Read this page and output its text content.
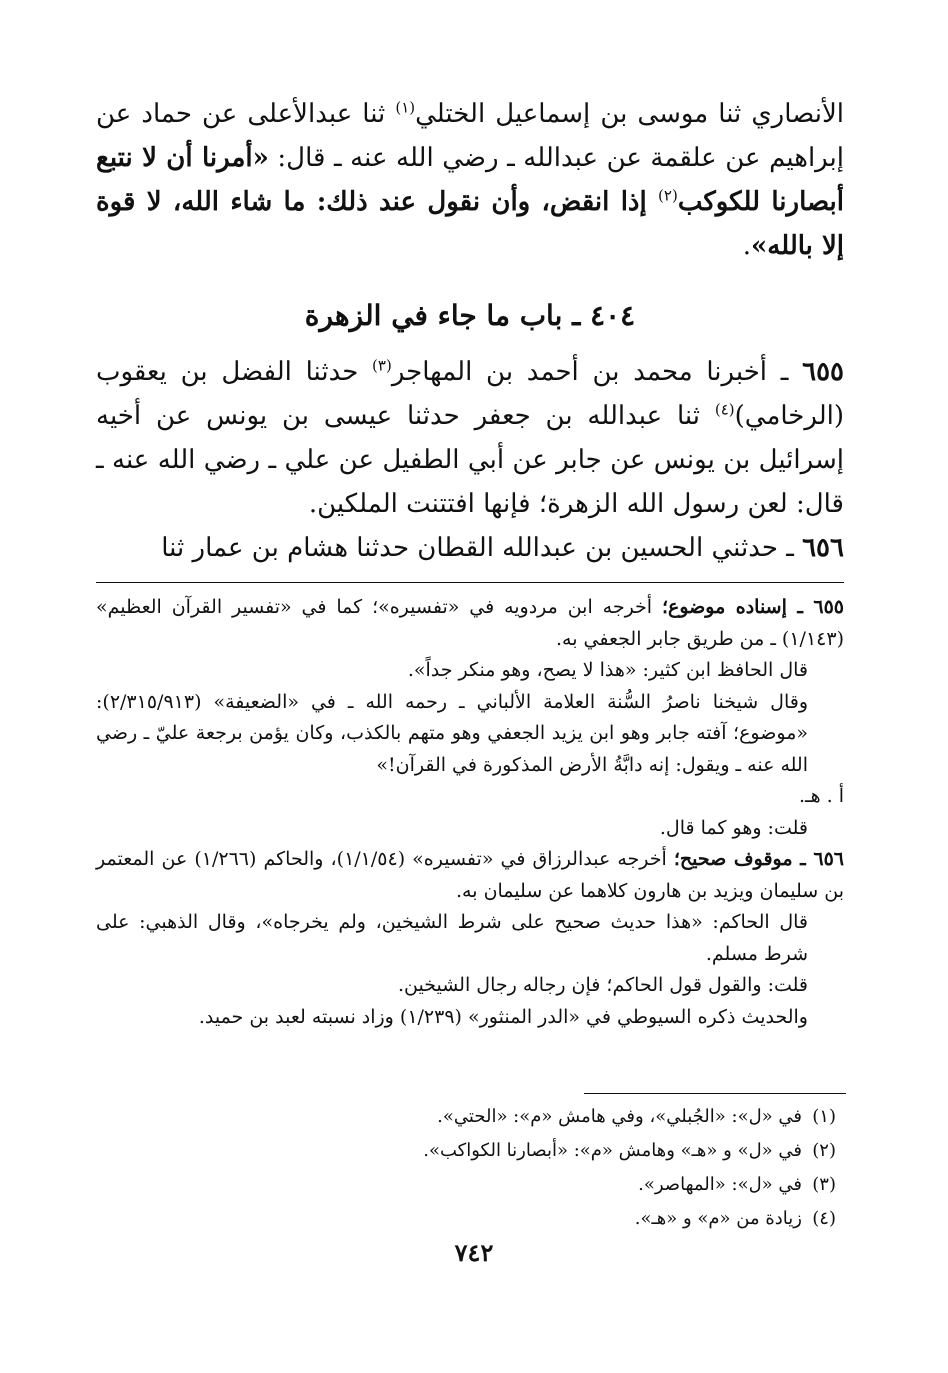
الأنصاري ثنا موسى بن إسماعيل الختلي$^{(١)}$ ثنا عبدالأعلى عن حماد عن إبراهيم عن علقمة عن عبدالله ـ رضي الله عنه ـ قال: «أمرنا أن لا نتبع أبصارنا للكوكب$^{(٢)}$ إذا انقض، وأن نقول عند ذلك: ما شاء الله، لا قوة إلا بالله».

٤٠٤ ـ باب ما جاء في الزهرة

٦٥٥ ـ أخبرنا محمد بن أحمد بن المهاجر$^{(٣)}$ حدثنا الفضل بن يعقوب (الرخامي)$^{(٤)}$ ثنا عبدالله بن جعفر حدثنا عيسى بن يونس عن أخيه إسرائيل بن يونس عن جابر عن أبي الطفيل عن علي ـ رضي الله عنه ـ قال: لعن رسول الله الزهرة؛ فإنها افتتنت الملكين.

٦٥٦ ـ حدثني الحسين بن عبدالله القطان حدثنا هشام بن عمار ثنا

٦٥٥ ـ إسناده موضوع؛ أخرجه ابن مردويه في «تفسيره»؛ كما في «تفسير القرآن العظيم» (١/١٤٣) ـ من طريق جابر الجعفي به.

قال الحافظ ابن كثير: «هذا لا يصح، وهو منكر جداً».

وقال شيخنا ناصرُ السُّنة العلامة الألباني ـ رحمه الله ـ في «الضعيفة» (٢/٣١٥/٩١٣): «موضوع؛ آفته جابر وهو ابن يزيد الجعفي وهو متهم بالكذب، وكان يؤمن برجعة عليّ ـ رضي الله عنه ـ ويقول: إنه دابَّةُ الأرض المذكورة في القرآن!»

أ . هـ.

قلت: وهو كما قال.

٦٥٦ ـ موقوف صحيح؛ أخرجه عبدالرزاق في «تفسيره» (١/١/٥٤)، والحاكم (١/٢٦٦) عن المعتمر بن سليمان ويزيد بن هارون كلاهما عن سليمان به.

قال الحاكم: «هذا حديث صحيح على شرط الشيخين، ولم يخرجاه»، وقال الذهبي: على شرط مسلم.

قلت: والقول قول الحاكم؛ فإن رجاله رجال الشيخين.

والحديث ذكره السيوطي في «الدر المنثور» (١/٢٣٩) وزاد نسبته لعبد بن حميد.

(١)في «ل»: «الجُبلي»، وفي هامش «م»: «الحتي».

(٢)في «ل» و «هـ» وهامش «م»: «أبصارنا الكواكب».

(٣)في «ل»: «المهاصر».

(٤)زيادة من «م» و «هـ».

٧٤٢
